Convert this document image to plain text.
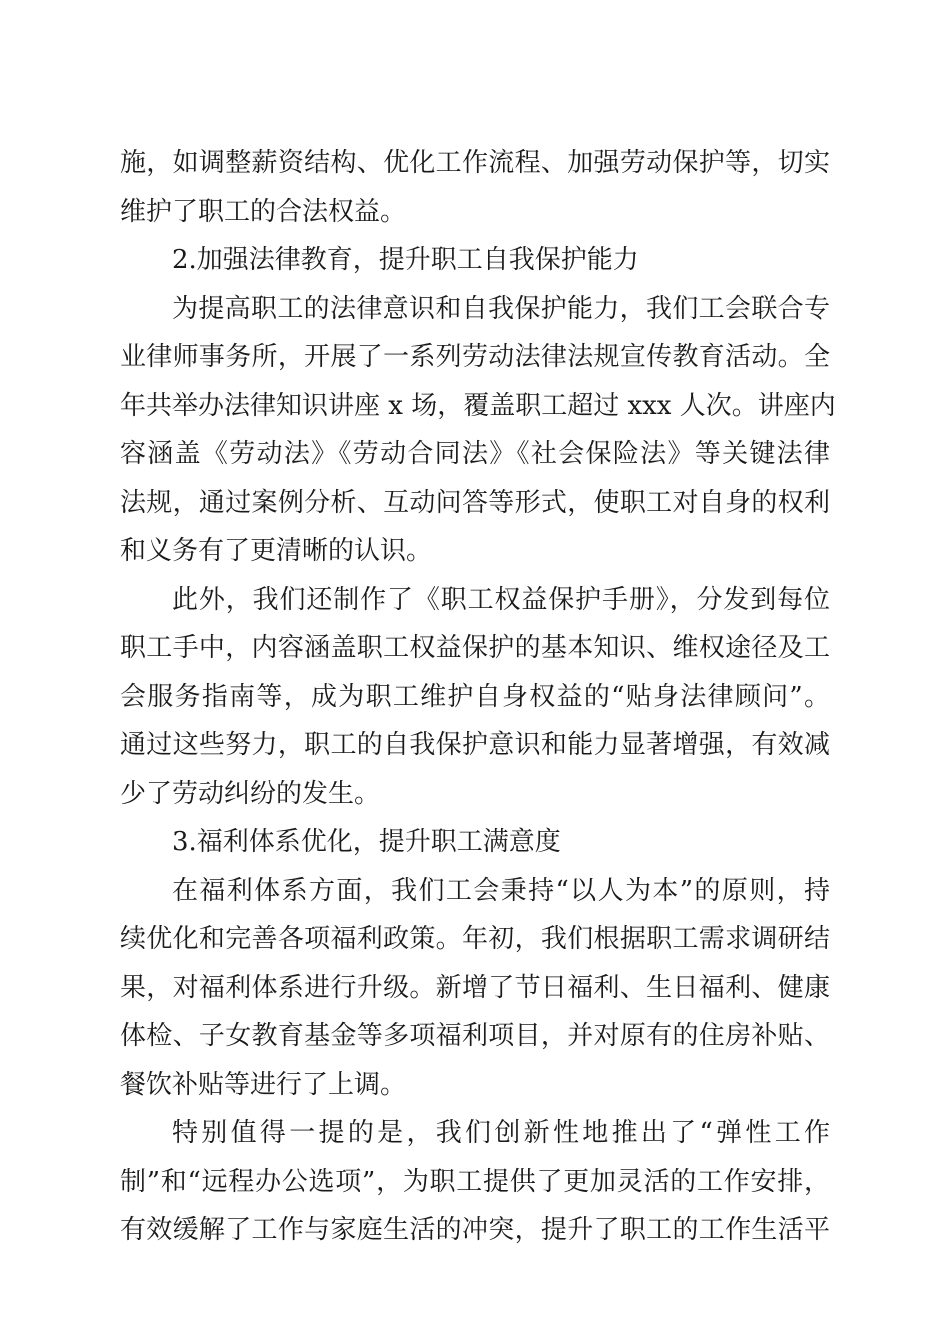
施，如调整薪资结构、优化工作流程、加强劳动保护等，切实
维护了职工的合法权益。
2.加强法律教育，提升职工自我保护能力
为提高职工的法律意识和自我保护能力，我们工会联合专
业律师事务所，开展了一系列劳动法律法规宣传教育活动。全
年共举办法律知识讲座 x 场，覆盖职工超过 xxx 人次。讲座内
容涵盖《劳动法》《劳动合同法》《社会保险法》等关键法律
法规，通过案例分析、互动问答等形式，使职工对自身的权利
和义务有了更清晰的认识。
此外，我们还制作了《职工权益保护手册》，分发到每位
职工手中，内容涵盖职工权益保护的基本知识、维权途径及工
会服务指南等，成为职工维护自身权益的“贴身法律顾问”。
通过这些努力，职工的自我保护意识和能力显著增强，有效减
少了劳动纠纷的发生。
3.福利体系优化，提升职工满意度
在福利体系方面，我们工会秉持“以人为本”的原则，持
续优化和完善各项福利政策。年初，我们根据职工需求调研结
果，对福利体系进行升级。新增了节日福利、生日福利、健康
体检、子女教育基金等多项福利项目，并对原有的住房补贴、
餐饮补贴等进行了上调。
特别值得一提的是，我们创新性地推出了“弹性工作
制”和“远程办公选项”，为职工提供了更加灵活的工作安排，
有效缓解了工作与家庭生活的冲突，提升了职工的工作生活平
